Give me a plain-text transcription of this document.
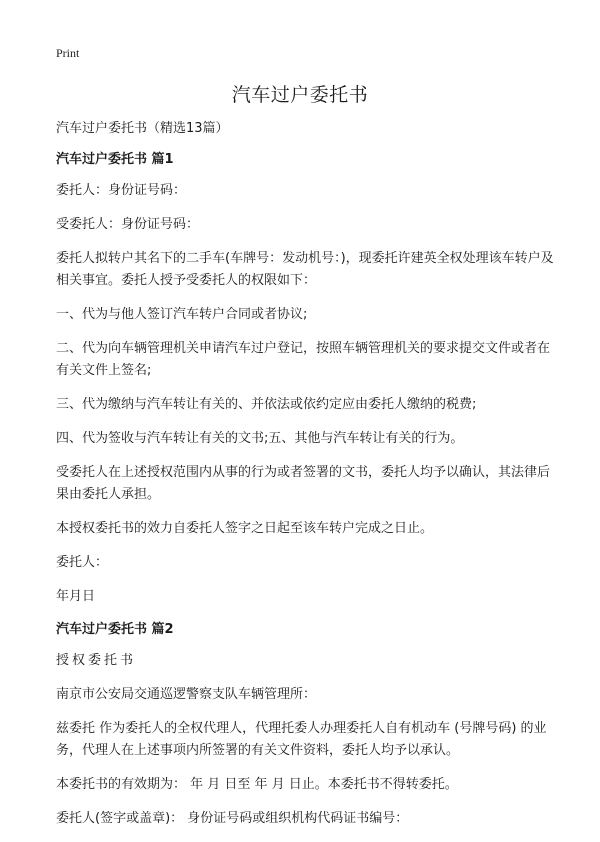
Print
汽车过户委托书

汽车过户委托书（精选13篇）

汽车过户委托书 篇1

委托人：身份证号码：

受委托人：身份证号码：

委托人拟转户其名下的二手车(车牌号：发动机号：)，现委托许建英全权处理该车转户及相关事宜。委托人授予受委托人的权限如下：

一、代为与他人签订汽车转户合同或者协议;

二、代为向车辆管理机关申请汽车过户登记，按照车辆管理机关的要求提交文件或者在有关文件上签名;

三、代为缴纳与汽车转让有关的、并依法或依约定应由委托人缴纳的税费;

四、代为签收与汽车转让有关的文书;五、其他与汽车转让有关的行为。

受委托人在上述授权范围内从事的行为或者签署的文书，委托人均予以确认，其法律后果由委托人承担。

本授权委托书的效力自委托人签字之日起至该车转户完成之日止。

委托人：

年月日

汽车过户委托书 篇2

授权委托书

南京市公安局交通巡逻警察支队车辆管理所：

兹委托 作为委托人的全权代理人，代理托委人办理委托人自有机动车 (号牌号码) 的业务，代理人在上述事项内所签署的有关文件资料，委托人均予以承认。

本委托书的有效期为： 年 月 日至 年 月 日止。本委托书不得转委托。

委托人(签字或盖章)： 身份证号码或组织机构代码证书编号：
